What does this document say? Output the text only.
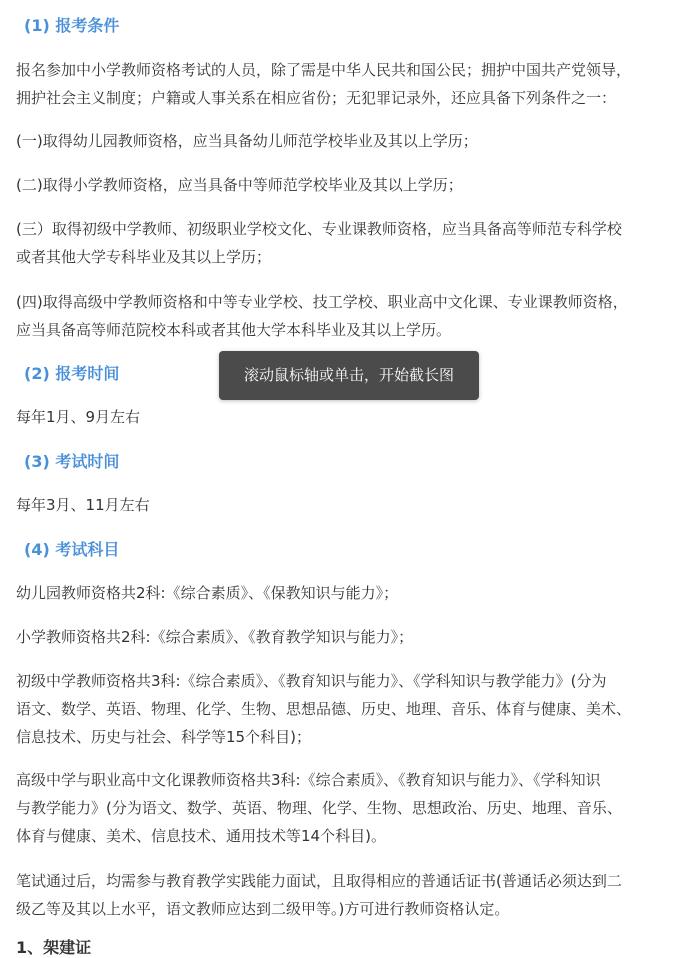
(1) 报考条件
报名参加中小学教师资格考试的人员，除了需是中华人民共和国公民；拥护中国共产党领导，
拥护社会主义制度；户籍或人事关系在相应省份；无犯罪记录外，还应具备下列条件之一：
(一)取得幼儿园教师资格，应当具备幼儿师范学校毕业及其以上学历；
(二)取得小学教师资格，应当具备中等师范学校毕业及其以上学历；
(三）取得初级中学教师、初级职业学校文化、专业课教师资格，应当具备高等师范专科学校
或者其他大学专科毕业及其以上学历；
(四)取得高级中学教师资格和中等专业学校、技工学校、职业高中文化课、专业课教师资格，
应当具备高等师范院校本科或者其他大学本科毕业及其以上学历。
(2) 报考时间
每年1月、9月左右
(3) 考试时间
每年3月、11月左右
(4) 考试科目
幼儿园教师资格共2科:《综合素质》、《保教知识与能力》；
小学教师资格共2科:《综合素质》、《教育教学知识与能力》；
初级中学教师资格共3科:《综合素质》、《教育知识与能力》、《学科知识与教学能力》(分为
语文、数学、英语、物理、化学、生物、思想品德、历史、地理、音乐、体育与健康、美术、
信息技术、历史与社会、科学等15个科目)；
高级中学与职业高中文化课教师资格共3科:《综合素质》、《教育知识与能力》、《学科知识
与教学能力》(分为语文、数学、英语、物理、化学、生物、思想政治、历史、地理、音乐、
体育与健康、美术、信息技术、通用技术等14个科目)。
笔试通过后，均需参与教育教学实践能力面试，且取得相应的普通话证书(普通话必须达到二
级乙等及其以上水平，语文教师应达到二级甲等。)方可进行教师资格认定。
1、架建证
滚动鼠标轴或单击，开始截长图
